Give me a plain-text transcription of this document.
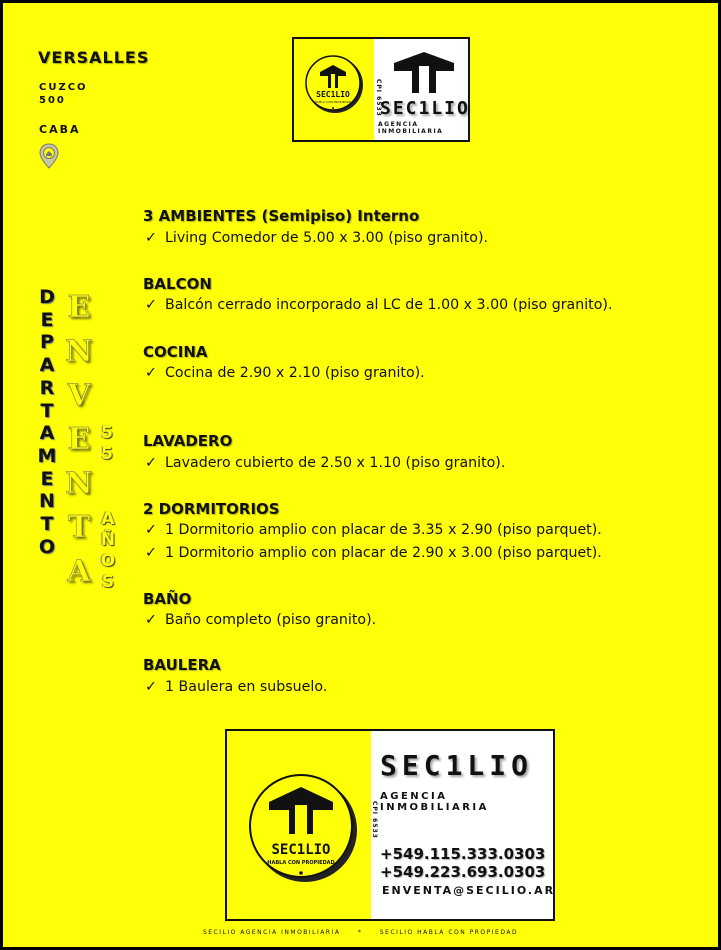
VERSALLES
CUZCO
500
CABA
SEC1LIO
HABLA CON PROPIEDAD	CPI 6533
SEC1LIO
AGENCIA INMOBILIARIA
D
E
P
A
R
T
A
M
E
N
T
O
E
N
V
E
N
T
A
5
5
A
Ñ
O
S
3 AMBIENTES (Semipiso) Interno
✓ Living Comedor de 5.00 x 3.00 (piso granito).
BALCON
✓ Balcón cerrado incorporado al LC de 1.00 x 3.00 (piso granito).
COCINA
✓ Cocina de 2.90 x 2.10 (piso granito).
LAVADERO
✓ Lavadero cubierto de 2.50 x 1.10 (piso granito).
2 DORMITORIOS
✓ 1 Dormitorio amplio con placar de 3.35 x 2.90 (piso parquet).
✓ 1 Dormitorio amplio con placar de 2.90 x 3.00 (piso parquet).
BAÑO
✓ Baño completo (piso granito).
BAULERA
✓ 1 Baulera en subsuelo.
SEC1LIO
HABLA CON PROPIEDAD
SEC1LIO
AGENCIA INMOBILIARIA
CPI 6533
+549.115.333.0303
+549.223.693.0303
ENVENTA@SECILIO.AR
SECILIO AGENCIA INMOBILIARIA	*	SECILIO HABLA CON PROPIEDAD
